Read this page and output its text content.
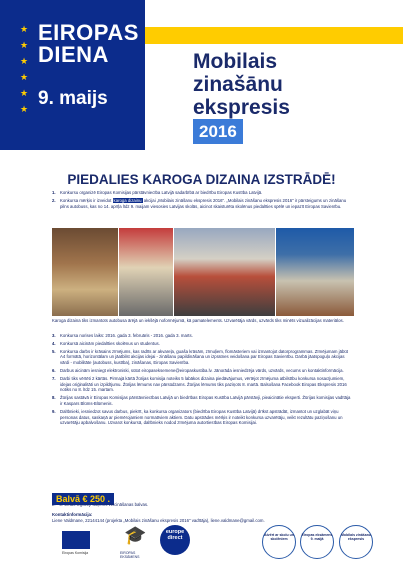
★
★
★
★
★
★
EIROPAS
DIENA
9. maijs
Mobilais
zinašānu
ekspresis
2016
PIEDALIES KAROGA DIZAINA IZSTRĀDĒ!
1.	Konkursu organizē Eiropas Komisijas pārstāvniecība Latvijā sadarbībā ar biedrību Eiropas Kustība Latvijā.
2.	Konkursa mērķis ir izveidot karoga dizainu akcijai „Mobilais zināšanu ekspresis 2016". „Mobilais zināšanu ekspresis 2016" ir pārsteigums un zināšanu pilns autobuss, kas no 14. aprīļa līdz 9. maijam viesosies Latvijas skolās, aicinot skaisturēta skolēnus piedalīties spēlē un iepazīt Eiropas Savienību.
Karoga dizaina tiks izmantots autobusa ārējā un iekšējā noformējumā, kā pamatelements. Uzvarētāja vārds, uzvārds tiks minēts vizualizācijas materiālos.
3.	Konkursa norises laiks: 2016. gada 3. februāris - 2016. gada 3. marts.
4.	Konkursā aicinām piedalīties skolēnus un studentus.
5.	Konkursa darbs ir krāsains zīmējums, kas radīts ar akvareļa, guaša krāsām, zīmuļiem, flomāsteriem vai izmantojot datorprogrammas. Zīmējumam jābūt A4 formātā, horizontālam un jāatbilst akcijas idejai - zināšanu papildināšana un izpratnes veidošana par Eiropas Savienību. Darbā jāatspoguļo akcijas vārdi - mobilitāte (autobuss, kustība), zināšanas, Eiropas Savienība.
6.	Darbus aicinām iesniegt elektroniski, sūtot eiropaseksemene@eiropaskustiba.lv. Jānorāda iesniedzēja vārds, uzvārds, vecums un kontaktinformācija.
7.	Darbi tiks vērtēti 2 kārtās. Pirmajā kārtā žūrijas komisija noteiks 5 labākos dizaina piedāvājumus, vērtējot zīmējuma atbilstību konkursa nosacījumiem, idejas oriģinalitāti un izpildījumu. Žūrijas lēmums nav pārsūdzams. Žūrijas lēmums tiks paziņots 8. martā. Balsošana Facebook Eiropas Ekspresis 2016 notiks no 8. līdz 15. martam.
8.	Žūrijas sastāvā ir Eiropas Komisijas pārstāvniecības Latvijā un biedrības Eiropas Kustība Latvijā pārstāvji, pieaicinātie eksperti. Žūrijas komisijas vadītāja ir Kaspars Blūms-Blūmenis.
9.	Dalībnieki, iesniedzot savus darbus, piekrīt, ka konkursa organizators (biedrība Eiropas Kustība Latvijā) drīkst apstrādāt, izmantot un uzglabāt viņu personas datus, saskaņā ar piemērojamiem normatīviem aktiem. Datu apstrādes mērķis ir noteikt konkursa uzvarētāju, veikt rezultātu paziņošanu un uzvarētāju apbalvošanu. Uzvarot konkursā, dalībnieks nodod zīmējuma autortiesības Eiropas Komisijai.
Balvā € 250 .
2. - 5. vietas ieguvēji saņems veicināšanas balvas.
Kontaktinformācija:
Liene Valdmane, 22144144 (projekta „Mobilais zināšanu ekspresis 2016" vadītāja), liene.valdmane@gmail.com.
Eiropas Komisija
🎓
EIROPAS EKSĀMENS
europe direct	Atvērt ar skolu un skolēniem
Eiropas eksāmens 9. maijā
Mobilais zināšanu ekspresis
